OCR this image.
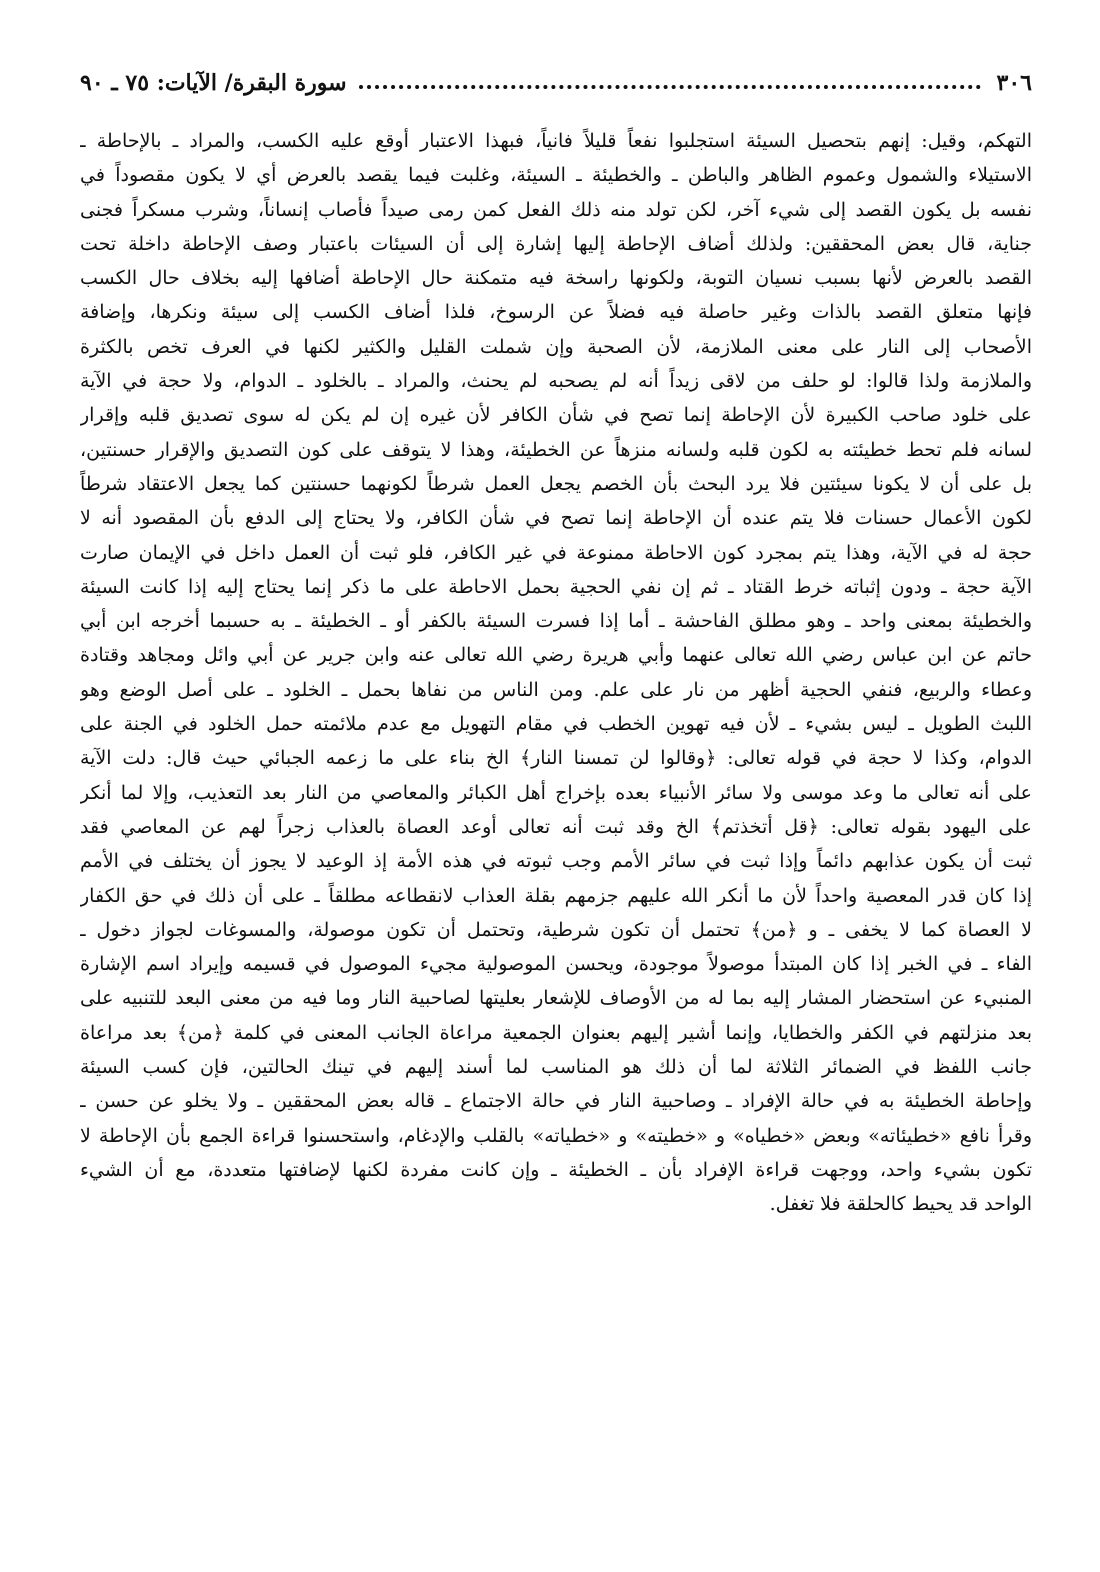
٣٠٦
سورة البقرة/ الآيات: ٧٥ ـ ٩٠
التهكم، وقيل: إنهم بتحصيل السيئة استجلبوا نفعاً قليلاً فانياً، فبهذا الاعتبار أوقع عليه الكسب، والمراد ـ بالإحاطة ـ
الاستيلاء والشمول وعموم الظاهر والباطن ـ والخطيئة ـ السيئة، وغلبت فيما يقصد بالعرض أي لا يكون مقصوداً في
نفسه بل يكون القصد إلى شيء آخر، لكن تولد منه ذلك الفعل كمن رمى صيداً فأصاب إنساناً، وشرب مسكراً فجنى
جناية، قال بعض المحققين: ولذلك أضاف الإحاطة إليها إشارة إلى أن السيئات باعتبار وصف الإحاطة داخلة تحت
القصد بالعرض لأنها بسبب نسيان التوبة، ولكونها راسخة فيه متمكنة حال الإحاطة أضافها إليه بخلاف حال الكسب
فإنها متعلق القصد بالذات وغير حاصلة فيه فضلاً عن الرسوخ، فلذا أضاف الكسب إلى سيئة ونكرها، وإضافة
الأصحاب إلى النار على معنى الملازمة، لأن الصحبة وإن شملت القليل والكثير لكنها في العرف تخص بالكثرة
والملازمة ولذا قالوا: لو حلف من لاقى زيداً أنه لم يصحبه لم يحنث، والمراد ـ بالخلود ـ الدوام، ولا حجة في الآية
على خلود صاحب الكبيرة لأن الإحاطة إنما تصح في شأن الكافر لأن غيره إن لم يكن له سوى تصديق قلبه وإقرار
لسانه فلم تحط خطيئته به لكون قلبه ولسانه منزهاً عن الخطيئة، وهذا لا يتوقف على كون التصديق والإقرار حسنتين،
بل على أن لا يكونا سيئتين فلا يرد البحث بأن الخصم يجعل العمل شرطاً لكونهما حسنتين كما يجعل الاعتقاد شرطاً
لكون الأعمال حسنات فلا يتم عنده أن الإحاطة إنما تصح في شأن الكافر، ولا يحتاج إلى الدفع بأن المقصود أنه لا
حجة له في الآية، وهذا يتم بمجرد كون الاحاطة ممنوعة في غير الكافر، فلو ثبت أن العمل داخل في الإيمان صارت
الآية حجة ـ ودون إثباته خرط القتاد ـ ثم إن نفي الحجية بحمل الاحاطة على ما ذكر إنما يحتاج إليه إذا كانت السيئة
والخطيئة بمعنى واحد ـ وهو مطلق الفاحشة ـ أما إذا فسرت السيئة بالكفر أو ـ الخطيئة ـ به حسبما أخرجه ابن أبي
حاتم عن ابن عباس رضي الله تعالى عنهما وأبي هريرة رضي الله تعالى عنه وابن جرير عن أبي وائل ومجاهد وقتادة
وعطاء والربيع، فنفي الحجية أظهر من نار على علم. ومن الناس من نفاها بحمل ـ الخلود ـ على أصل الوضع وهو
اللبث الطويل ـ ليس بشيء ـ لأن فيه تهوين الخطب في مقام التهويل مع عدم ملائمته حمل الخلود في الجنة على
الدوام، وكذا لا حجة في قوله تعالى: ﴿وقالوا لن تمسنا النار﴾ الخ بناء على ما زعمه الجبائي حيث قال: دلت الآية
على أنه تعالى ما وعد موسى ولا سائر الأنبياء بعده بإخراج أهل الكبائر والمعاصي من النار بعد التعذيب، وإلا لما أنكر
على اليهود بقوله تعالى: ﴿قل أتخذتم﴾ الخ وقد ثبت أنه تعالى أوعد العصاة بالعذاب زجراً لهم عن المعاصي فقد
ثبت أن يكون عذابهم دائماً وإذا ثبت في سائر الأمم وجب ثبوته في هذه الأمة إذ الوعيد لا يجوز أن يختلف في الأمم
إذا كان قدر المعصية واحداً لأن ما أنكر الله عليهم جزمهم بقلة العذاب لانقطاعه مطلقاً ـ على أن ذلك في حق الكفار
لا العصاة كما لا يخفى ـ و ﴿من﴾ تحتمل أن تكون شرطية، وتحتمل أن تكون موصولة، والمسوغات لجواز دخول ـ
الفاء ـ في الخبر إذا كان المبتدأ موصولاً موجودة، ويحسن الموصولية مجيء الموصول في قسيمه وإيراد اسم الإشارة
المنبيء عن استحضار المشار إليه بما له من الأوصاف للإشعار بعليتها لصاحبية النار وما فيه من معنى البعد للتنبيه على
بعد منزلتهم في الكفر والخطايا، وإنما أشير إليهم بعنوان الجمعية مراعاة الجانب المعنى في كلمة ﴿من﴾ بعد مراعاة
جانب اللفظ في الضمائر الثلاثة لما أن ذلك هو المناسب لما أسند إليهم في تينك الحالتين، فإن كسب السيئة
وإحاطة الخطيئة به في حالة الإفراد ـ وصاحبية النار في حالة الاجتماع ـ قاله بعض المحققين ـ ولا يخلو عن حسن ـ
وقرأ نافع «خطيئاته» وبعض «خطياه» و «خطيته» و «خطياته» بالقلب والإدغام، واستحسنوا قراءة الجمع بأن الإحاطة لا
تكون بشيء واحد، ووجهت قراءة الإفراد بأن ـ الخطيئة ـ وإن كانت مفردة لكنها لإضافتها متعددة، مع أن الشيء
الواحد قد يحيط كالحلقة فلا تغفل.
